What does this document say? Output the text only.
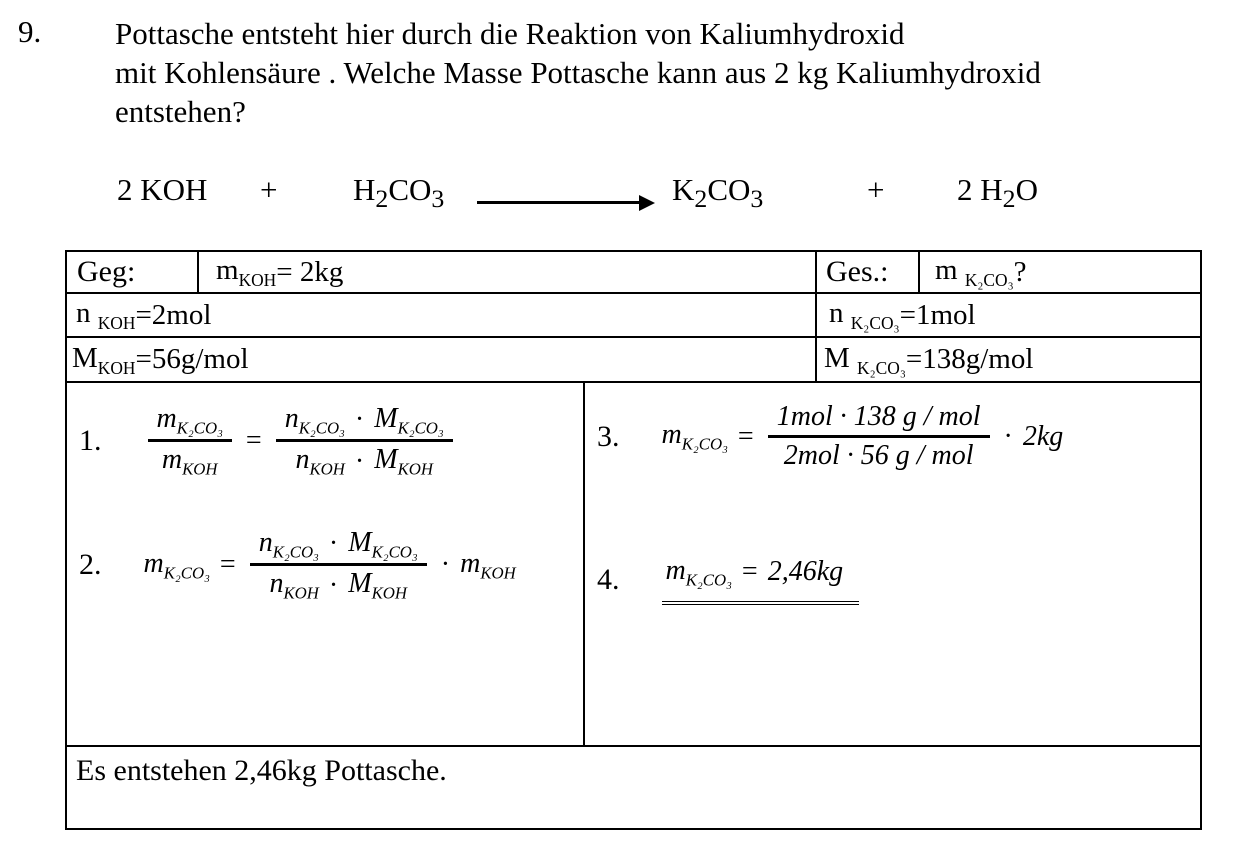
9. Pottasche entsteht hier durch die Reaktion von Kaliumhydroxid
mit Kohlensäure . Welche Masse Pottasche kann aus 2 kg Kaliumhydroxid
entstehen?
2 KOH + $H_2CO_3$	$K_2CO_3$	+ 2 $H_2O$
Geg:	$m_{KOH} = 2kg$	Ges.:	m $_{K_2CO_3}$ ?
n $_{KOH}$ =2mol	n $_{K_2CO_3}$ =1mol
$M_{KOH} =56g/mol$	M $_{K_2CO_3}$ =138g/mol

1. $\frac{m_{K_2CO_3}}{m_{KOH}} = \frac{n_{K_2CO_3} \cdot M_{K_2CO_3}}{n_{KOH} \cdot M_{KOH}}$

2. $m_{K_2CO_3} = \frac{n_{K_2CO_3} \cdot M_{K_2CO_3}}{n_{KOH} \cdot M_{KOH}} \cdot m_{KOH}$

3. $m_{K_2CO_3} = \frac{\text{1mol · 138 g / mol}}{\text{2mol · 56 g / mol}} \cdot 2kg$

4. $m_{K_2CO_3} = 2,46kg$

Es entstehen 2,46kg Pottasche.
